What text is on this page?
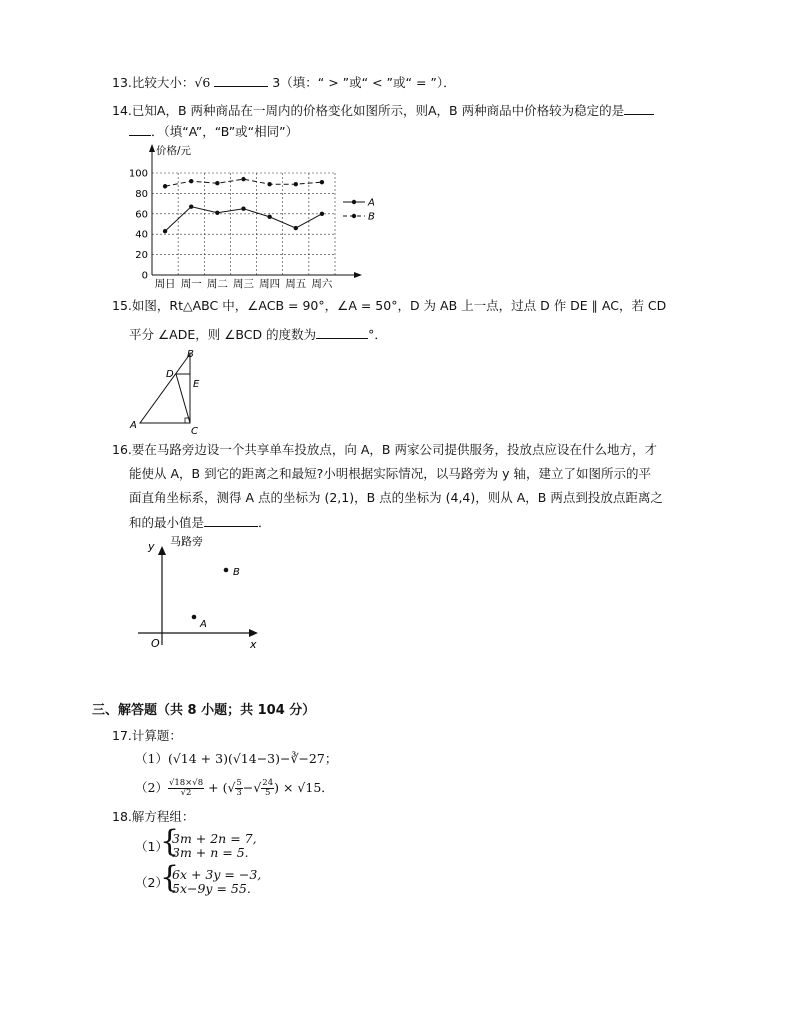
13.比较大小：√6	3（填：“ > ”或“ < ”或“ = ”）．
14.已知A，B 两种商品在一周内的价格变化如图所示，则A，B 两种商品中价格较为稳定的是
．（填“A”，“B”或“相同”）
0
20
40
60
80
100
价格/元
周日 周一 周二 周三 周四 周五 周六
A
B
15.如图，Rt△ABC 中，∠ACB = 90°，∠A = 50°，D 为 AB 上一点，过点 D 作 DE ∥ AC，若 CD
平分 ∠ADE，则 ∠BCD 的度数为	°．
B
D
E
A
C
16.要在马路旁边设一个共享单车投放点，向 A，B 两家公司提供服务，投放点应设在什么地方，才
能使从 A，B 到它的距离之和最短?小明根据实际情况，以马路旁为 y 轴，建立了如图所示的平
面直角坐标系，测得 A 点的坐标为 (2,1)，B 点的坐标为 (4,4)，则从 A，B 两点到投放点距离之
和的最小值是	．
y 马路旁
x
O
A
B
三、解答题（共 8 小题；共 104 分）
17.计算题：
（1）(√14 + 3)(√14−3)−∛−27；
$(2) \frac{√18\times√8}{√2}$ + (√ $\frac{5}{3}$ −√ $\frac{24}{5}$ ) × √15．
18.解方程组：
（1）
{
3m + 2n = 7,
3m + n = 5.
（2）
{
6x + 3y = −3,
5x−9y = 55.
